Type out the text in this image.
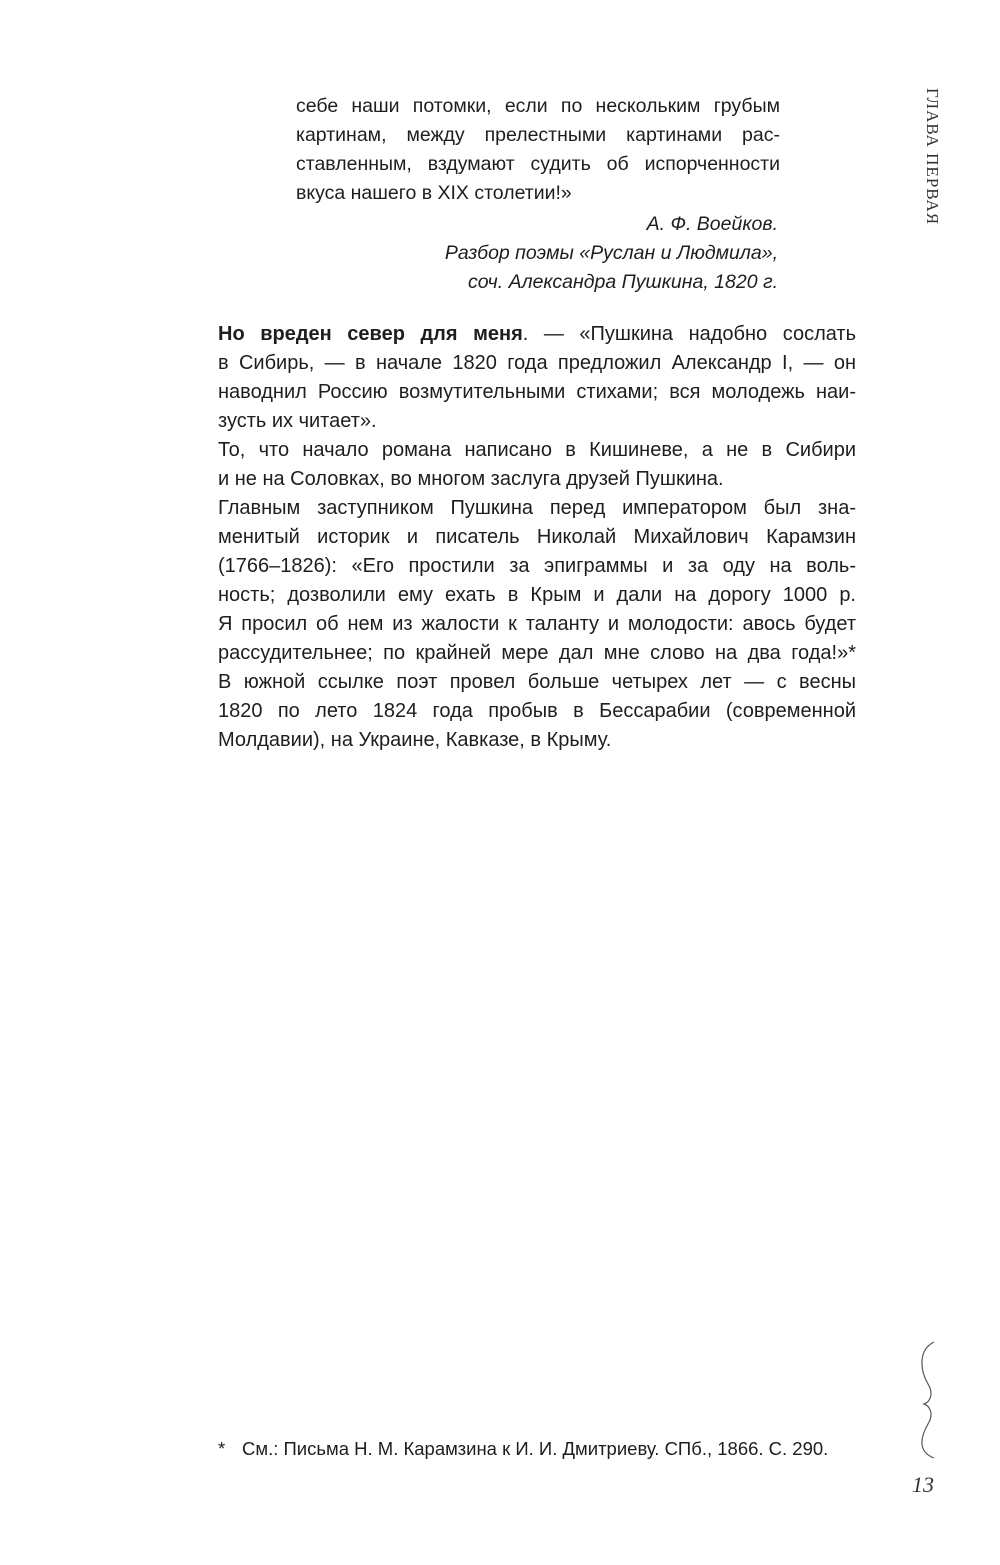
ГЛАВА ПЕРВАЯ
себе наши потомки, если по нескольким грубым
картинам, между прелестными картинами рас-
ставленным, вздумают судить об испорченности
вкуса нашего в XIX столетии!»
А. Ф. Воейков.
Разбор поэмы «Руслан и Людмила»,
соч. Александра Пушкина, 1820 г.
Но вреден север для меня. — «Пушкина надобно сослать
в Сибирь, — в начале 1820 года предложил Александр I, — он
наводнил Россию возмутительными стихами; вся молодежь наи-
зусть их читает».
То, что начало романа написано в Кишиневе, а не в Сибири
и не на Соловках, во многом заслуга друзей Пушкина.
Главным заступником Пушкина перед императором был зна-
менитый историк и писатель Николай Михайлович Карамзин
(1766–1826): «Его простили за эпиграммы и за оду на воль-
ность; дозволили ему ехать в Крым и дали на дорогу 1000 р.
Я просил об нем из жалости к таланту и молодости: авось будет
рассудительнее; по крайней мере дал мне слово на два года!»*
В южной ссылке поэт провел больше четырех лет — с весны
1820 по лето 1824 года пробыв в Бессарабии (современной
Молдавии), на Украине, Кавказе, в Крыму.
* См.: Письма Н. М. Карамзина к И. И. Дмитриеву. СПб., 1866. С. 290.
13
